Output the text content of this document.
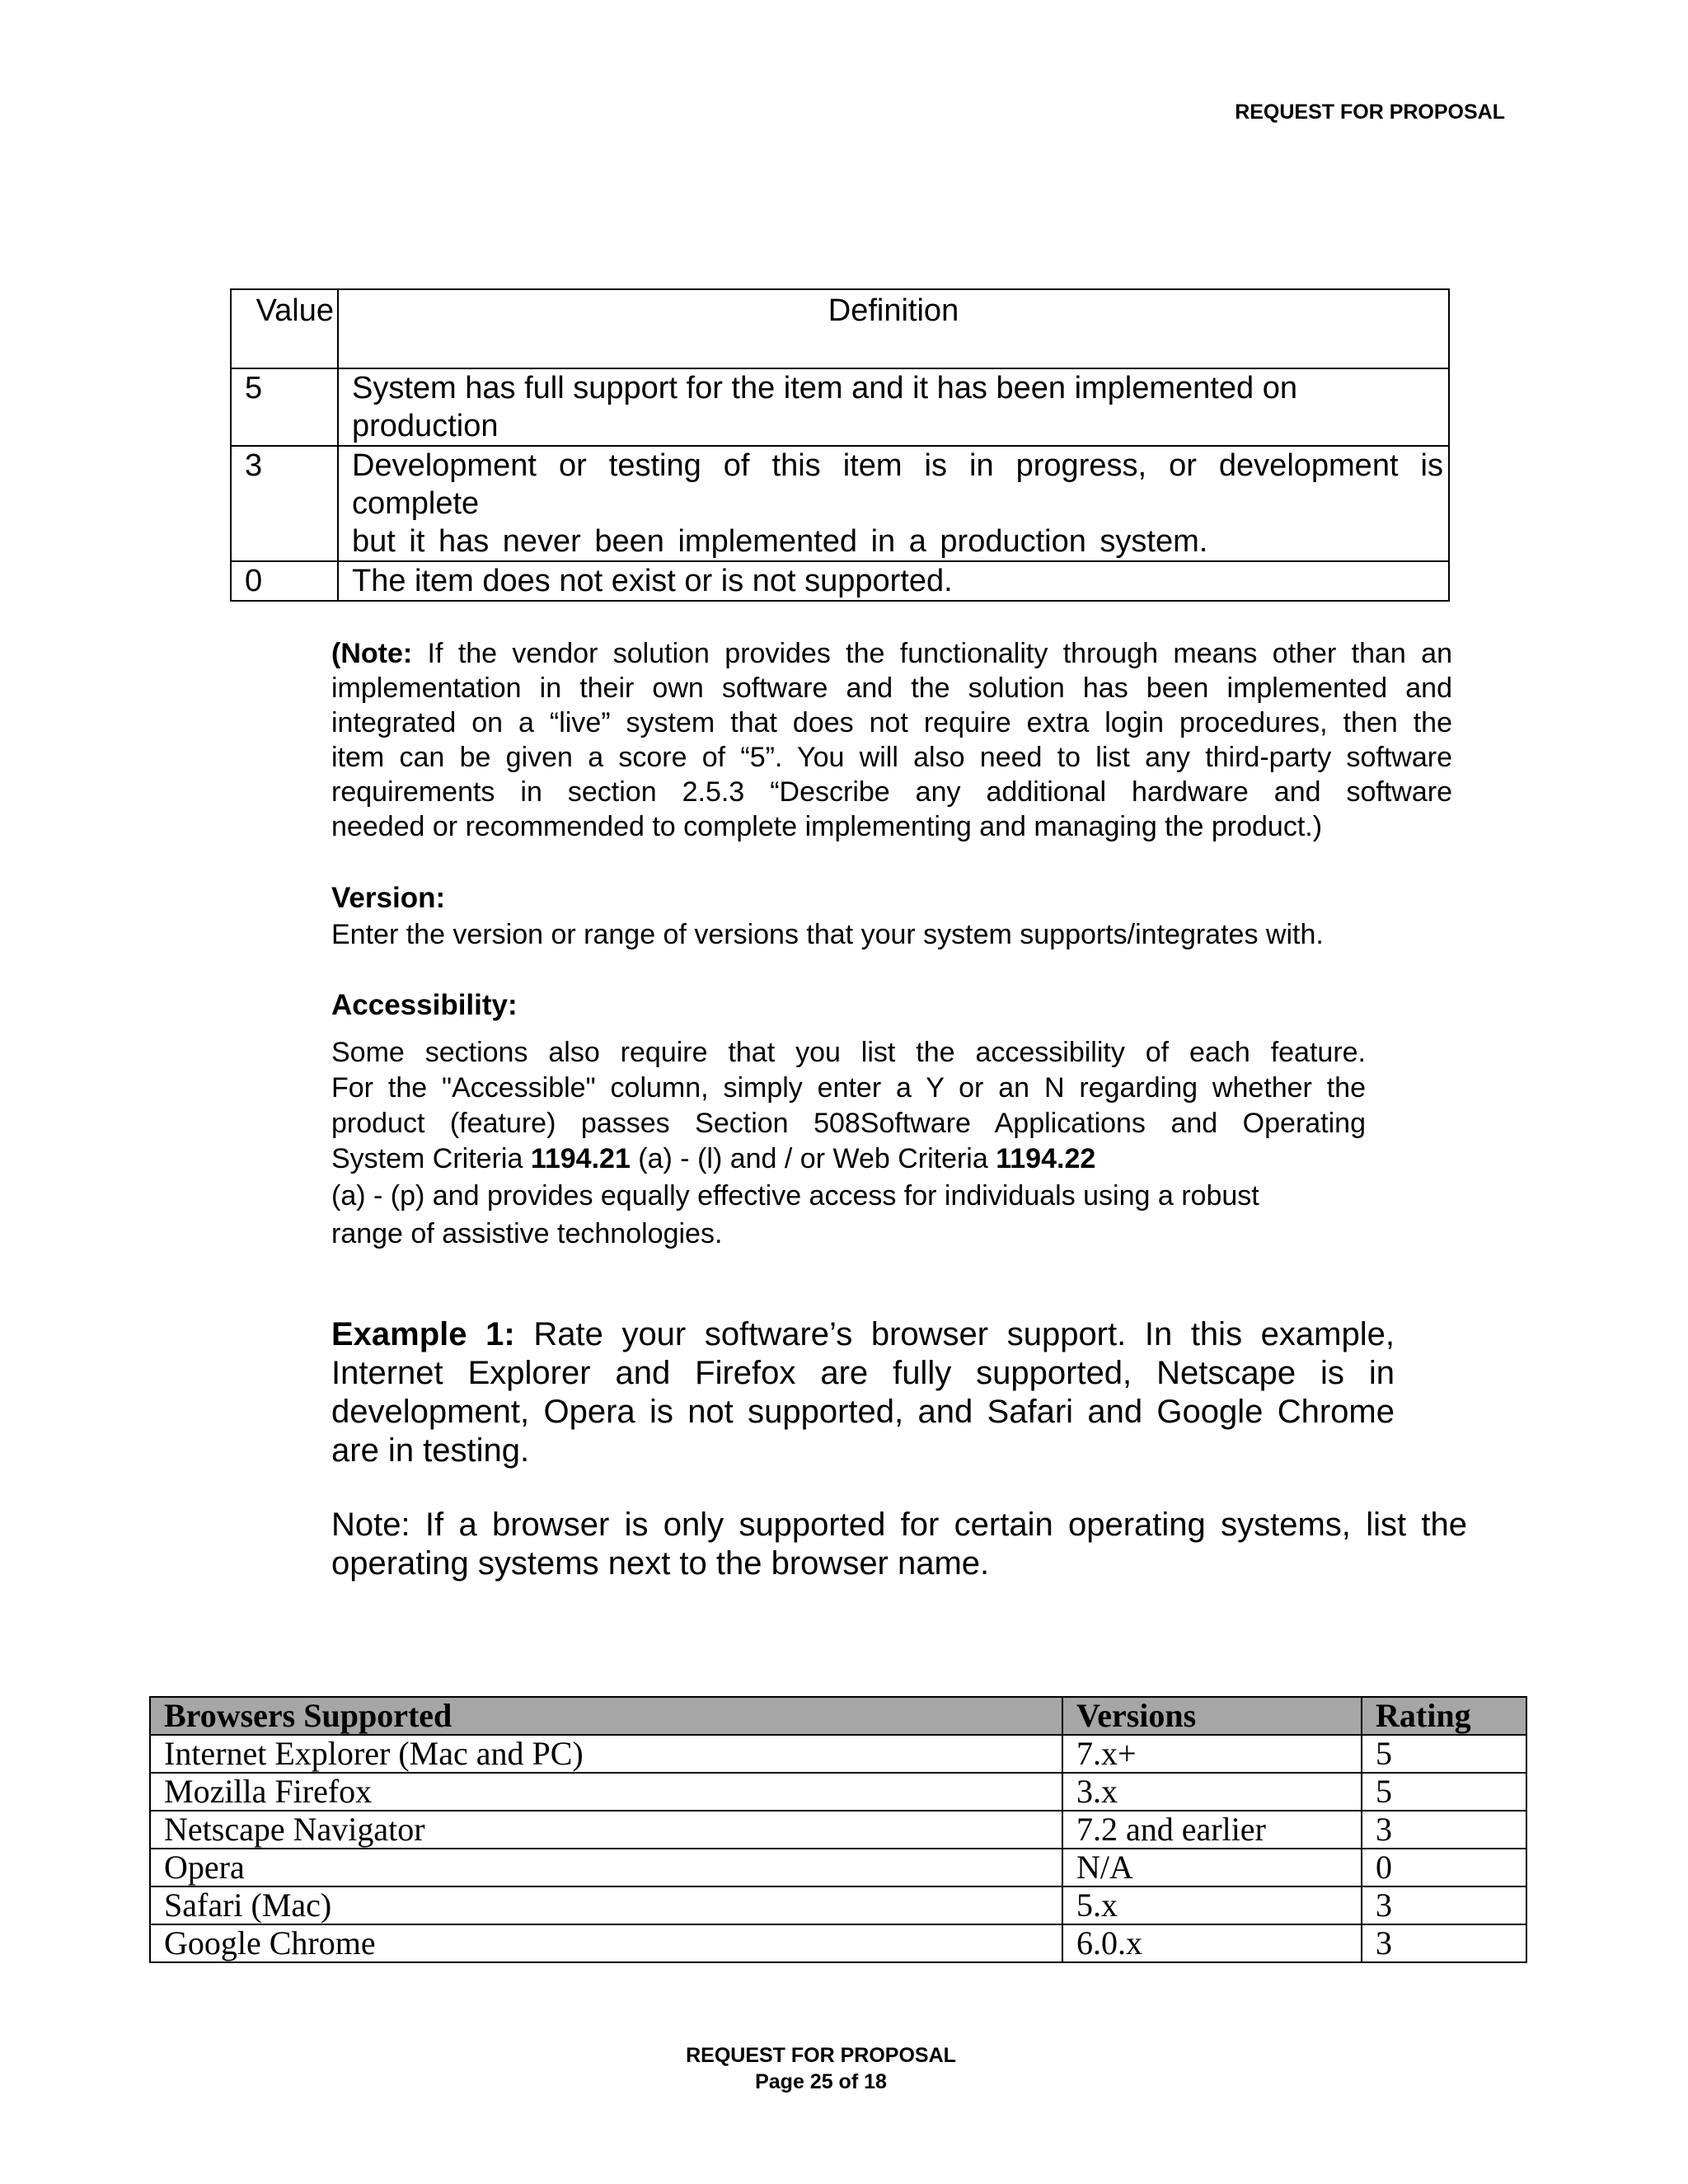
REQUEST FOR PROPOSAL
Value	Definition
5	System has full support for the item and it has been implemented on
production

3	Development or testing of this item is in progress, or development is
complete
but it has never been implemented in a production system.

0	The item does not exist or is not supported.
(Note: If the vendor solution provides the functionality through means other than an
implementation in their own software and the solution has been implemented and
integrated on a “live” system that does not require extra login procedures, then the
item can be given a score of “5”. You will also need to list any third-party software
requirements in section 2.5.3 “Describe any additional hardware and software
needed or recommended to complete implementing and managing the product.)
Version:
Enter the version or range of versions that your system supports/integrates with.
Accessibility:
Some sections also require that you list the accessibility of each feature.
For the "Accessible" column, simply enter a Y or an N regarding whether the
product (feature) passes Section 508Software Applications and Operating
System Criteria 1194.21 (a) - (l) and / or Web Criteria 1194.22
(a) - (p) and provides equally effective access for individuals using a robust
range of assistive technologies.
Example 1: Rate your software’s browser support. In this example,
Internet Explorer and Firefox are fully supported, Netscape is in
development, Opera is not supported, and Safari and Google Chrome
are in testing.
Note: If a browser is only supported for certain operating systems, list the
operating systems next to the browser name.
Browsers Supported	Versions	Rating
Internet Explorer (Mac and PC)	7.x+	5
Mozilla Firefox	3.x	5
Netscape Navigator	7.2 and earlier	3
Opera	N/A	0
Safari (Mac)	5.x	3
Google Chrome	6.0.x	3
REQUEST FOR PROPOSAL
Page 25 of 18
